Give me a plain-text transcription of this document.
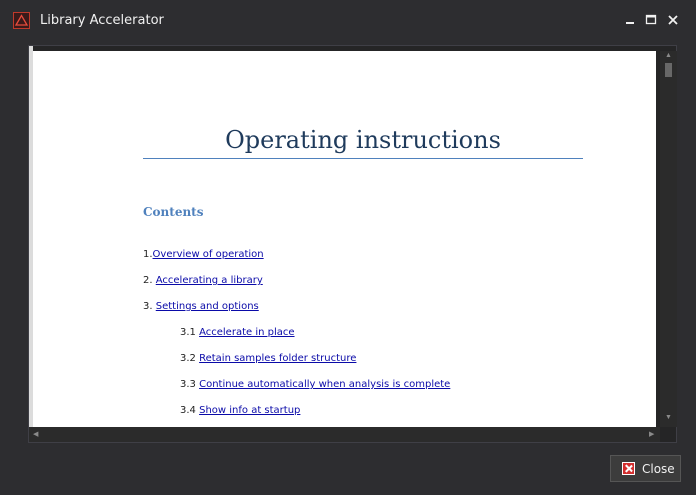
Library Accelerator
Operating instructions
Contents
1.Overview of operation
2. Accelerating a library
3. Settings and options
3.1 Accelerate in place
3.2 Retain samples folder structure
3.3 Continue automatically when analysis is complete
3.4 Show info at startup
▲
▼
◀	▶
Close
